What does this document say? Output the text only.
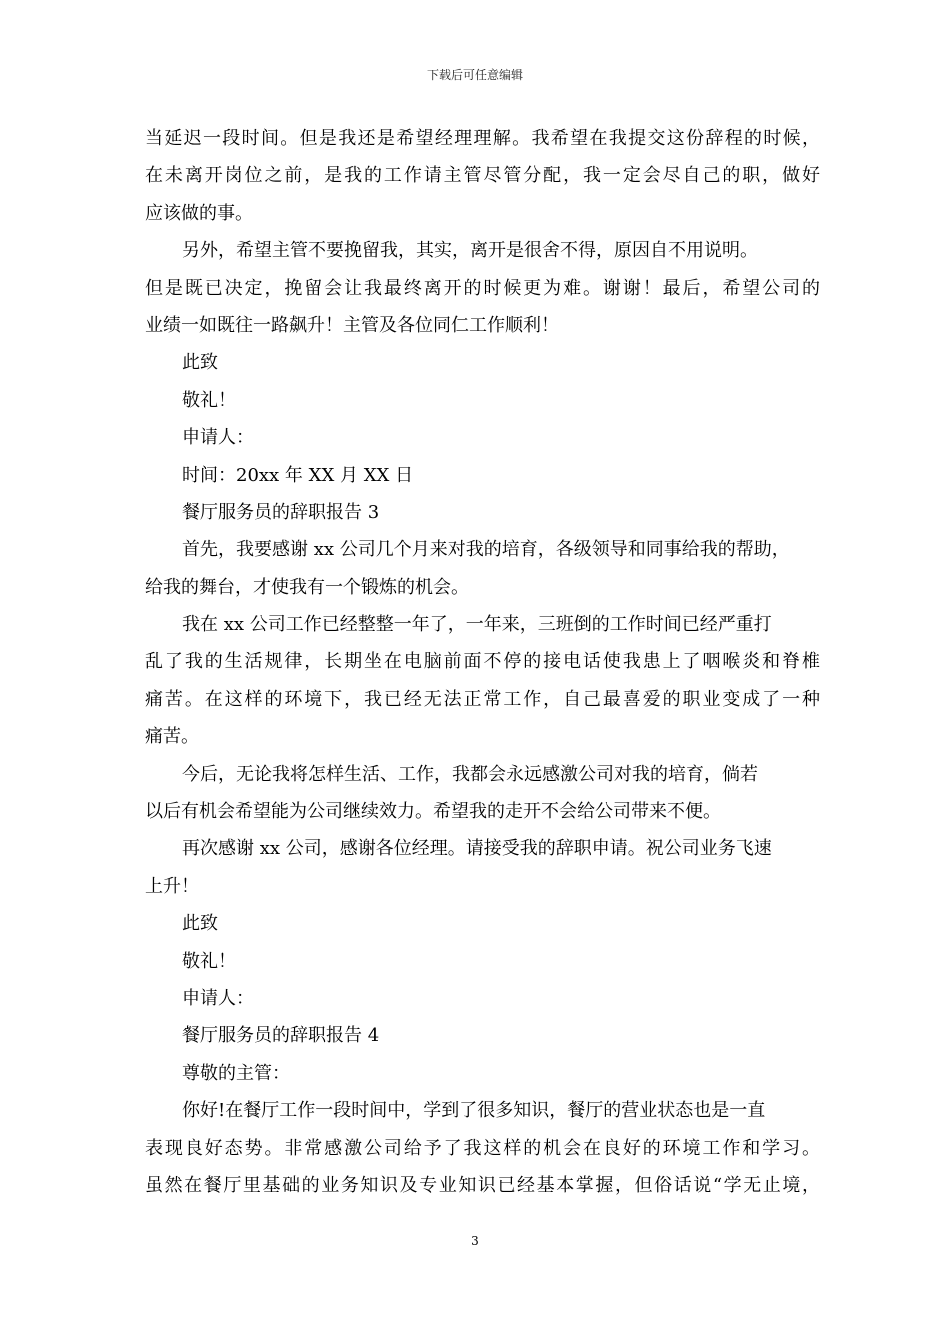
下载后可任意编辑
当延迟一段时间。但是我还是希望经理理解。我希望在我提交这份辞程的时候，
在未离开岗位之前，是我的工作请主管尽管分配，我一定会尽自己的职，做好
应该做的事。
另外，希望主管不要挽留我，其实，离开是很舍不得，原因自不用说明。
但是既已决定，挽留会让我最终离开的时候更为难。谢谢！最后，希望公司的
业绩一如既往一路飙升！主管及各位同仁工作顺利！
此致
敬礼！
申请人：
时间：20xx 年 XX 月 XX 日
餐厅服务员的辞职报告 3
首先，我要感谢 xx 公司几个月来对我的培育，各级领导和同事给我的帮助，
给我的舞台，才使我有一个锻炼的机会。
我在 xx 公司工作已经整整一年了，一年来，三班倒的工作时间已经严重打
乱了我的生活规律，长期坐在电脑前面不停的接电话使我患上了咽喉炎和脊椎
痛苦。在这样的环境下，我已经无法正常工作，自己最喜爱的职业变成了一种
痛苦。
今后，无论我将怎样生活、工作，我都会永远感激公司对我的培育，倘若
以后有机会希望能为公司继续效力。希望我的走开不会给公司带来不便。
再次感谢 xx 公司，感谢各位经理。请接受我的辞职申请。祝公司业务飞速
上升！
此致
敬礼！
申请人：
餐厅服务员的辞职报告 4
尊敬的主管：
你好!在餐厅工作一段时间中，学到了很多知识，餐厅的营业状态也是一直
表现良好态势。非常感激公司给予了我这样的机会在良好的环境工作和学习。
虽然在餐厅里基础的业务知识及专业知识已经基本掌握，但俗话说“学无止境，
3
